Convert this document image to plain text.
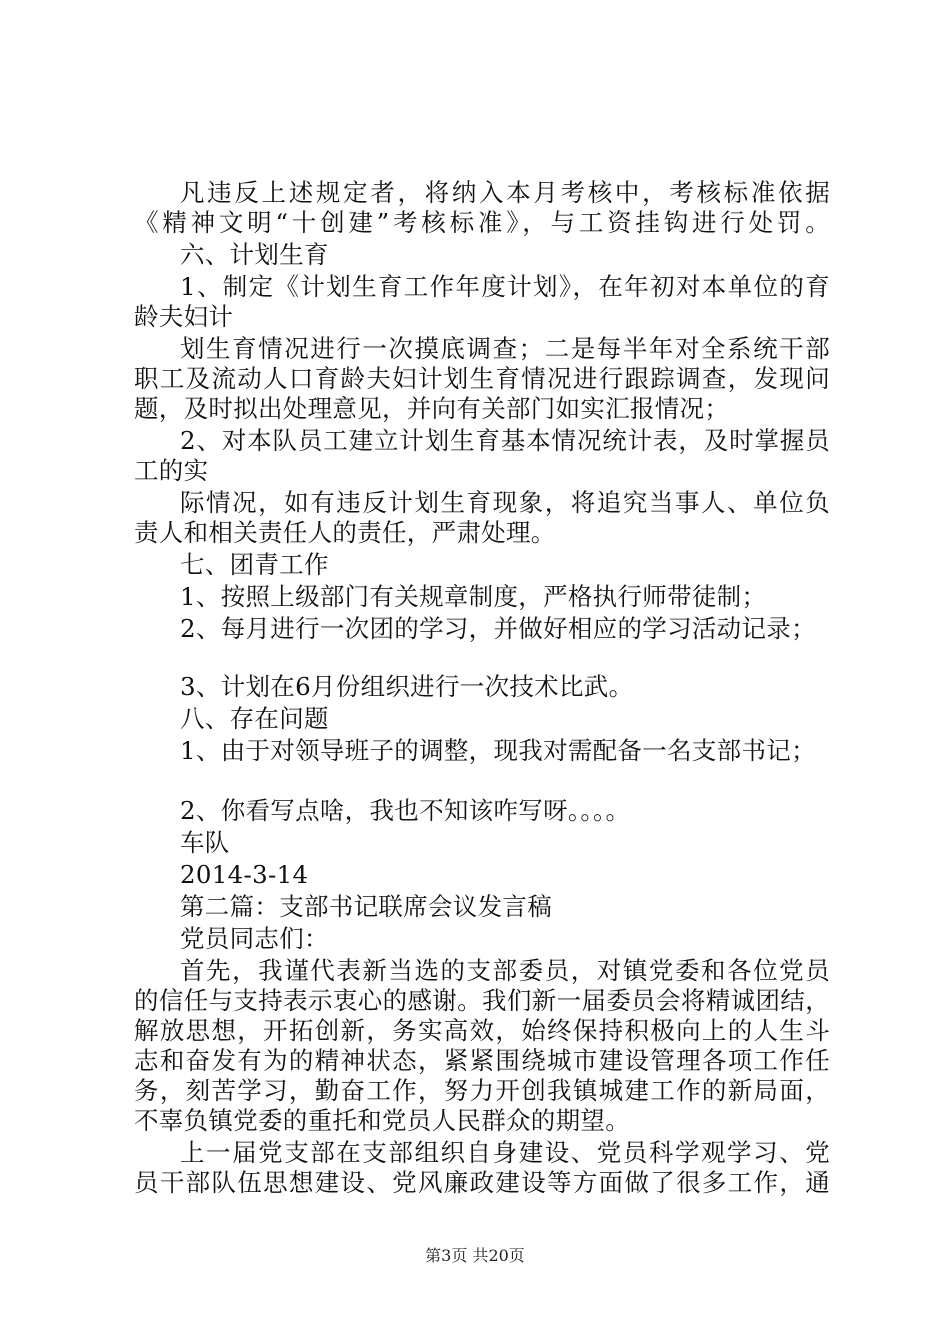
凡违反上述规定者，将纳入本月考核中，考核标准依据
《精神文明“十创建”考核标准》，与工资挂钩进行处罚。
六、计划生育
1、制定《计划生育工作年度计划》，在年初对本单位的育
龄夫妇计
划生育情况进行一次摸底调查；二是每半年对全系统干部
职工及流动人口育龄夫妇计划生育情况进行跟踪调查，发现问
题，及时拟出处理意见，并向有关部门如实汇报情况；
2、对本队员工建立计划生育基本情况统计表，及时掌握员
工的实
际情况，如有违反计划生育现象，将追究当事人、单位负
责人和相关责任人的责任，严肃处理。
七、团青工作
1、按照上级部门有关规章制度，严格执行师带徒制；
2、每月进行一次团的学习，并做好相应的学习活动记录；
3、计划在6月份组织进行一次技术比武。
八、存在问题
1、由于对领导班子的调整，现我对需配备一名支部书记；
2、你看写点啥，我也不知该咋写呀。。。。
车队
2014-3-14
第二篇：支部书记联席会议发言稿
党员同志们：
首先，我谨代表新当选的支部委员，对镇党委和各位党员
的信任与支持表示衷心的感谢。我们新一届委员会将精诚团结，
解放思想，开拓创新，务实高效，始终保持积极向上的人生斗
志和奋发有为的精神状态，紧紧围绕城市建设管理各项工作任
务，刻苦学习，勤奋工作，努力开创我镇城建工作的新局面，
不辜负镇党委的重托和党员人民群众的期望。
上一届党支部在支部组织自身建设、党员科学观学习、党
员干部队伍思想建设、党风廉政建设等方面做了很多工作，通
第3页 共20页
